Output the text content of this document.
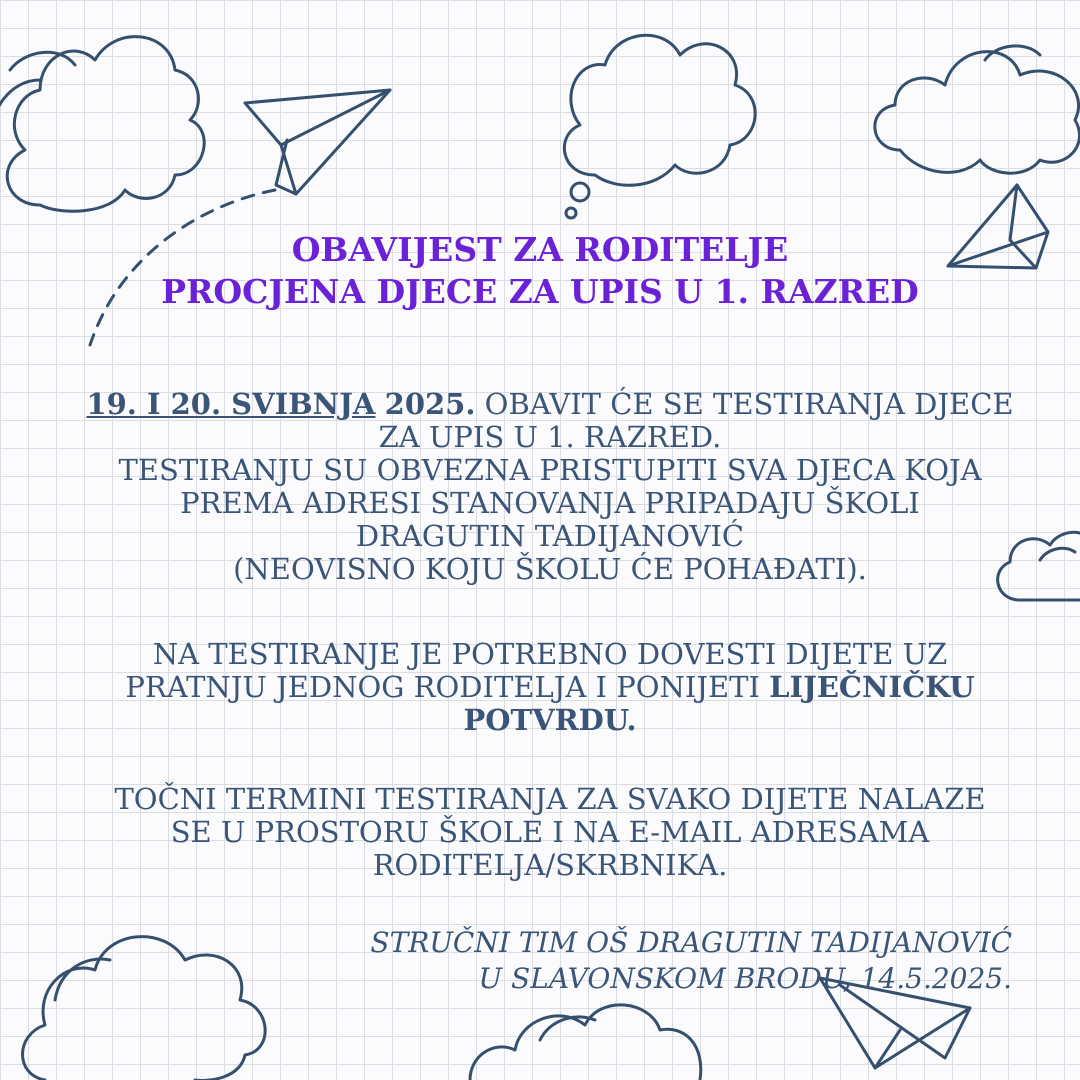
OBAVIJEST ZA RODITELJE
PROCJENA DJECE ZA UPIS U 1. RAZRED
19. I 20. SVIBNJA 2025. OBAVIT ĆE SE TESTIRANJA DJECE
ZA UPIS U 1. RAZRED.
TESTIRANJU SU OBVEZNA PRISTUPITI SVA DJECA KOJA
PREMA ADRESI STANOVANJA PRIPADAJU ŠKOLI
DRAGUTIN TADIJANOVIĆ
(NEOVISNO KOJU ŠKOLU ĆE POHAĐATI).
NA TESTIRANJE JE POTREBNO DOVESTI DIJETE UZ
PRATNJU JEDNOG RODITELJA I PONIJETI LIJEČNIČKU
POTVRDU.
TOČNI TERMINI TESTIRANJA ZA SVAKO DIJETE NALAZE
SE U PROSTORU ŠKOLE I NA E-MAIL ADRESAMA
RODITELJA/SKRBNIKA.
STRUČNI TIM OŠ DRAGUTIN TADIJANOVIĆ
U SLAVONSKOM BRODU, 14.5.2025.
